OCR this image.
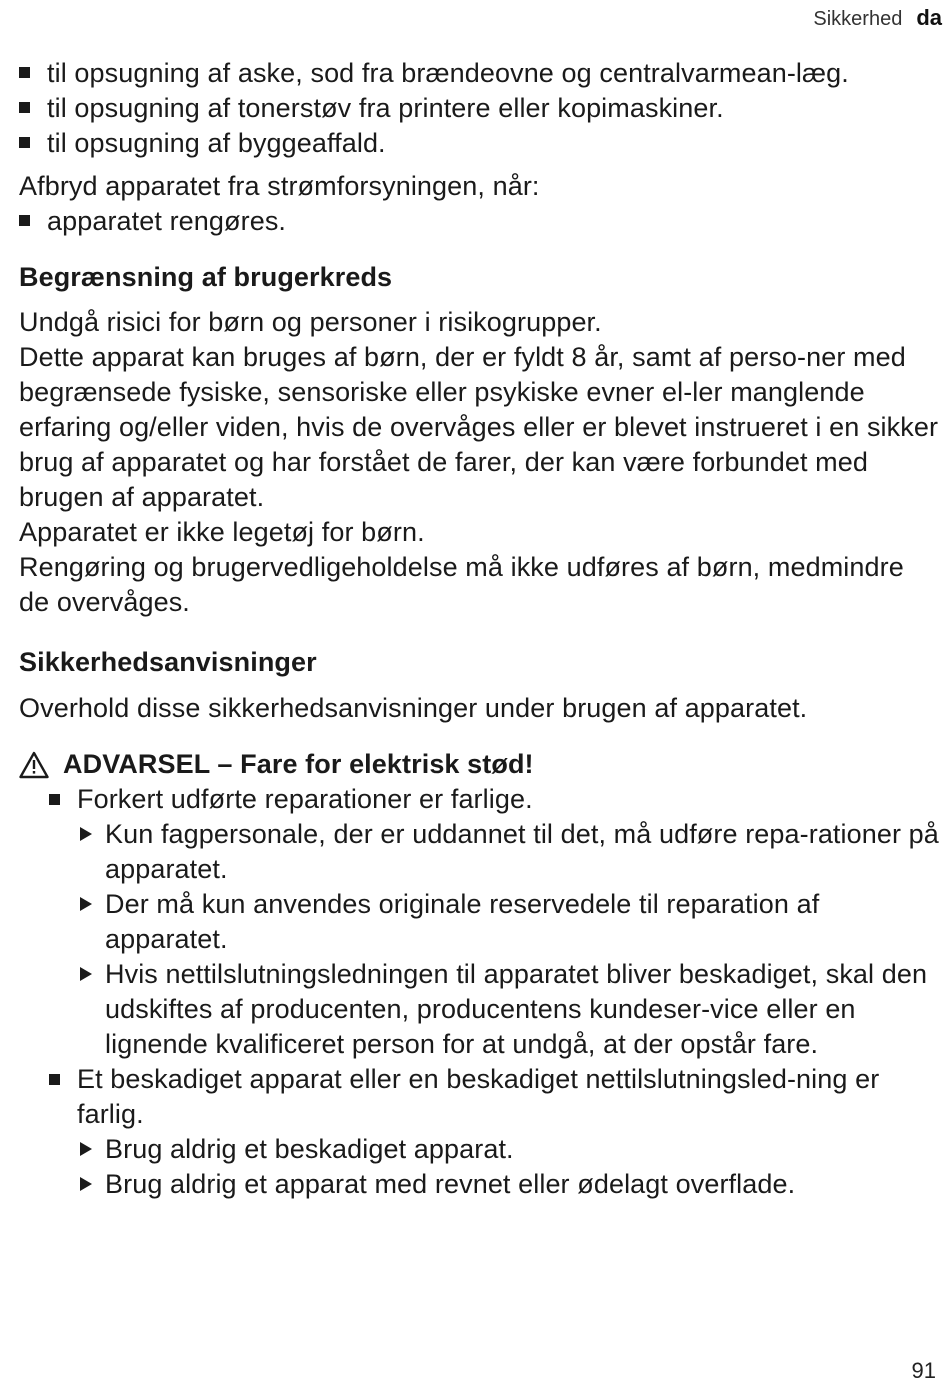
Sikkerhed da
til opsugning af aske, sod fra brændeovne og centralvarmean-læg.
til opsugning af tonerstøv fra printere eller kopimaskiner.
til opsugning af byggeaffald.

Afbryd apparatet fra strømforsyningen, når:

apparatet rengøres.
Begrænsning af brugerkreds

Undgå risici for børn og personer i risikogrupper.

Dette apparat kan bruges af børn, der er fyldt 8 år, samt af perso-ner med begrænsede fysiske, sensoriske eller psykiske evner el-ler manglende erfaring og/eller viden, hvis de overvåges eller er blevet instrueret i en sikker brug af apparatet og har forstået de farer, der kan være forbundet med brugen af apparatet.

Apparatet er ikke legetøj for børn.

Rengøring og brugervedligeholdelse må ikke udføres af børn, medmindre de overvåges.

Sikkerhedsanvisninger

Overhold disse sikkerhedsanvisninger under brugen af apparatet.

ADVARSEL – Fare for elektrisk stød!
Forkert udførte reparationer er farlige.
Kun fagpersonale, der er uddannet til det, må udføre repa-rationer på apparatet.
Der må kun anvendes originale reservedele til reparation af apparatet.
Hvis nettilslutningsledningen til apparatet bliver beskadiget, skal den udskiftes af producenten, producentens kundeser-vice eller en lignende kvalificeret person for at undgå, at der opstår fare.
Et beskadiget apparat eller en beskadiget nettilslutningsled-ning er farlig.
Brug aldrig et beskadiget apparat.
Brug aldrig et apparat med revnet eller ødelagt overflade.
91
